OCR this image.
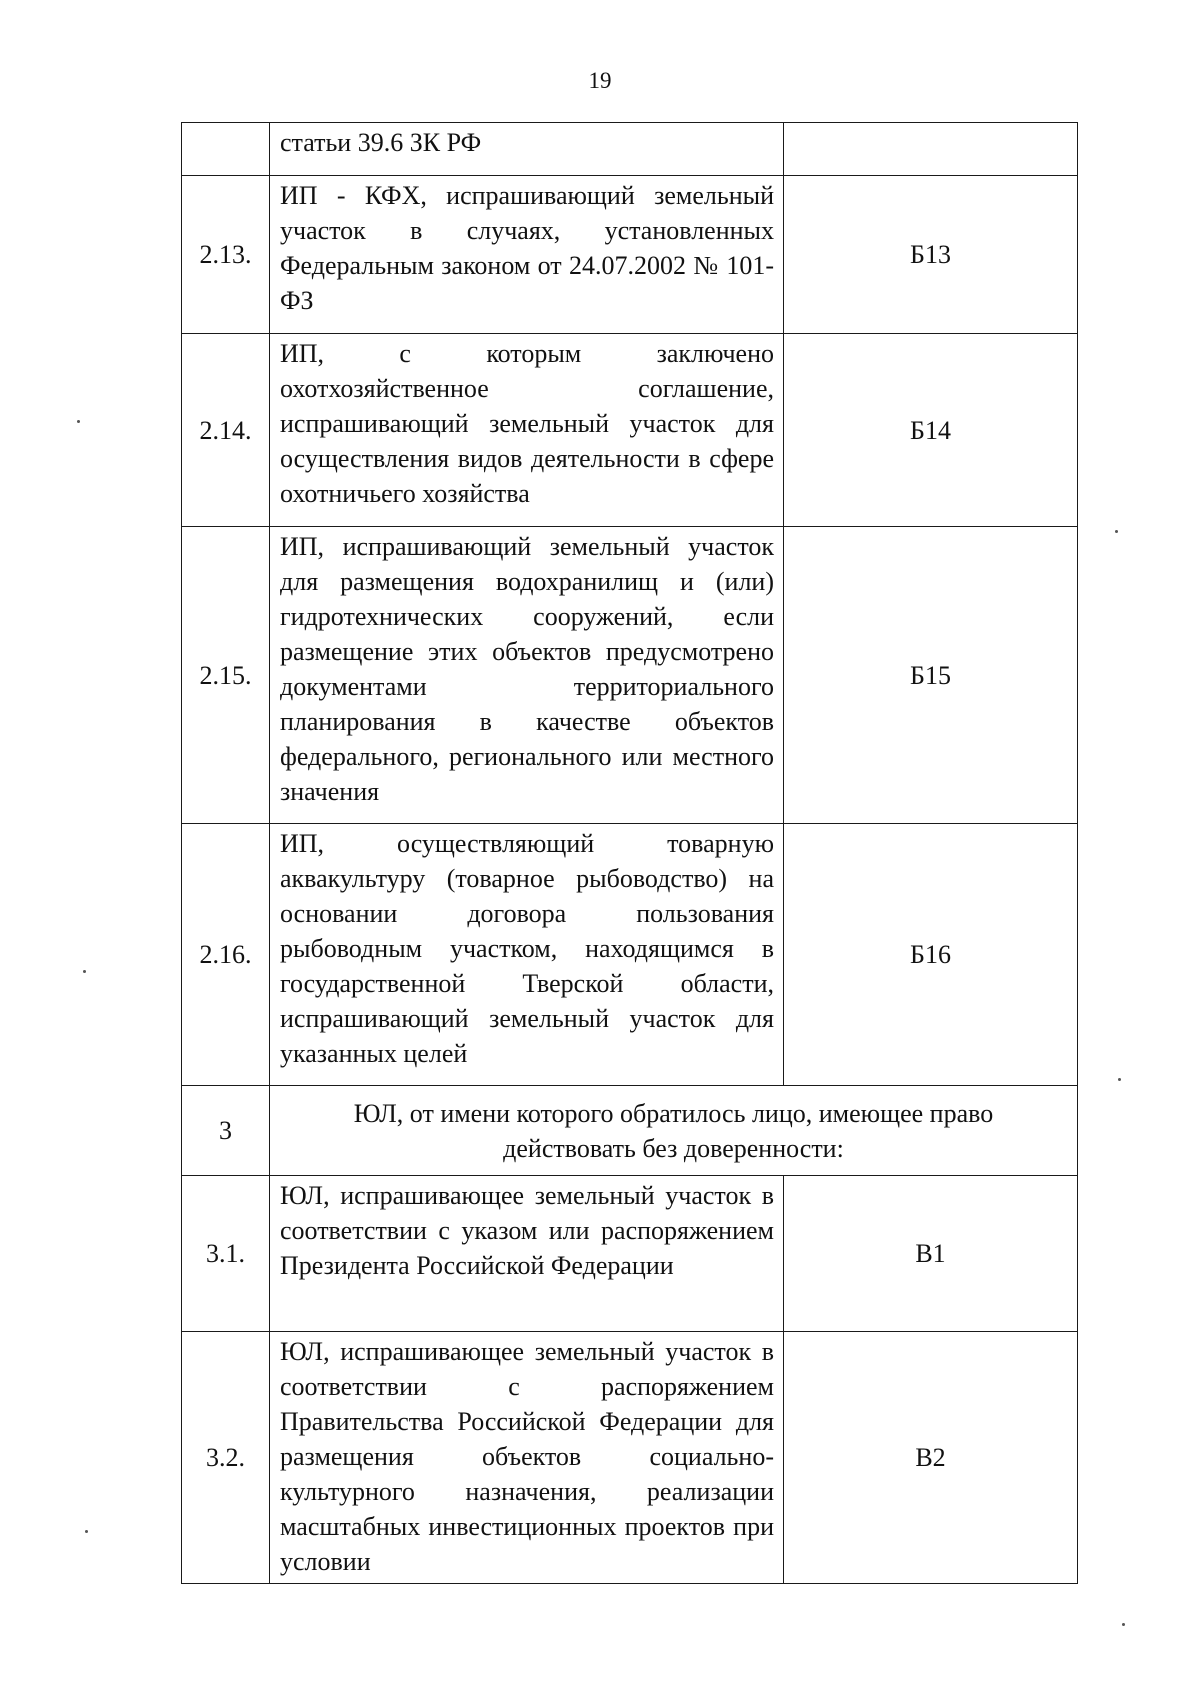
19

	статьи 39.6 ЗК РФ	

2.13.	ИП - КФХ, испрашивающий земельный участок в случаях, установленных Федеральным законом от 24.07.2002 № 101-ФЗ	Б13
2.14.	ИП, с которым заключено охотхозяйственное соглашение, испрашивающий земельный участок для осуществления видов деятельности в сфере охотничьего хозяйства	Б14
2.15.	ИП, испрашивающий земельный участок для размещения водохранилищ и (или) гидротехнических сооружений, если размещение этих объектов предусмотрено документами территориального планирования в качестве объектов федерального, регионального или местного значения	Б15
2.16.	ИП, осуществляющий товарную аквакультуру (товарное рыбоводство) на основании договора пользования рыбоводным участком, находящимся в государственной Тверской области, испрашивающий земельный участок для указанных целей	Б16
3	ЮЛ, от имени которого обратилось лицо, имеющее право действовать без доверенности:	
3.1.	ЮЛ, испрашивающее земельный участок в соответствии с указом или распоряжением Президента Российской Федерации	В1
3.2.	ЮЛ, испрашивающее земельный участок в соответствии с распоряжением Правительства Российской Федерации для размещения объектов социально-культурного назначения, реализации масштабных инвестиционных проектов при условии	В2
